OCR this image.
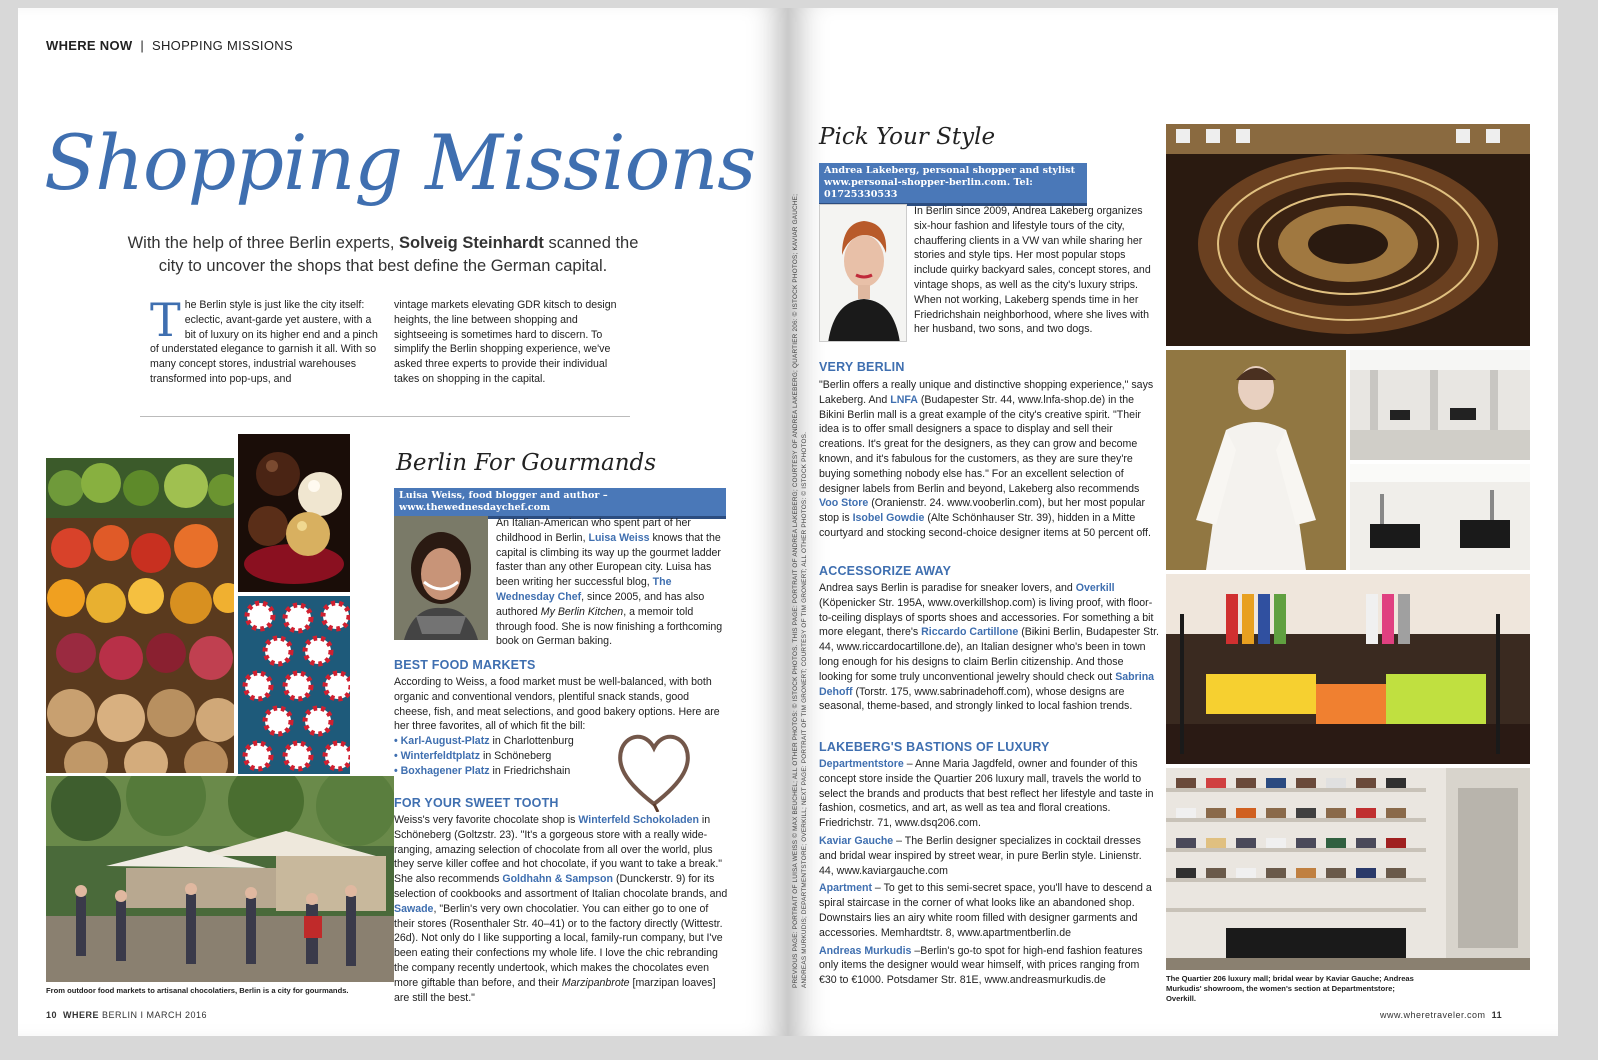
WHERE NOW | SHOPPING MISSIONS
Shopping Missions
With the help of three Berlin experts, Solveig Steinhardt scanned the city to uncover the shops that best define the German capital.
The Berlin style is just like the city itself: eclectic, avant-garde yet austere, with a bit of luxury on its higher end and a pinch of understated elegance to garnish it all. With so many concept stores, industrial warehouses transformed into pop-ups, and
vintage markets elevating GDR kitsch to design heights, the line between shopping and sightseeing is sometimes hard to discern. To simplify the Berlin shopping experience, we've asked three experts to provide their individual takes on shopping in the capital.
From outdoor food markets to artisanal chocolatiers, Berlin is a city for gourmands.
Berlin For Gourmands
Luisa Weiss, food blogger and author – www.thewednesdaychef.com
An Italian-American who spent part of her childhood in Berlin, Luisa Weiss knows that the capital is climbing its way up the gourmet ladder faster than any other European city. Luisa has been writing her successful blog, The Wednesday Chef, since 2005, and has also authored My Berlin Kitchen, a memoir told through food. She is now finishing a forthcoming book on German baking.
BEST FOOD MARKETS
According to Weiss, a food market must be well-balanced, with both organic and conventional vendors, plentiful snack stands, good cheese, fish, and meat selections, and good bakery options. Here are her three favorites, all of which fit the bill:
• Karl-August-Platz in Charlottenburg
• Winterfeldtplatz in Schöneberg
• Boxhagener Platz in Friedrichshain
FOR YOUR SWEET TOOTH
Weiss's very favorite chocolate shop is Winterfeld Schokoladen in Schöneberg (Goltzstr. 23). "It's a gorgeous store with a really wide-ranging, amazing selection of chocolate from all over the world, plus they serve killer coffee and hot chocolate, if you want to take a break." She also recommends Goldhahn & Sampson (Dunckerstr. 9) for its selection of cookbooks and assortment of Italian chocolate brands, and Sawade, "Berlin's very own chocolatier. You can either go to one of their stores (Rosenthaler Str. 40–41) or to the factory directly (Wittestr. 26d). Not only do I like supporting a local, family-run company, but I've been eating their confections my whole life. I love the chic rebranding the company recently undertook, which makes the chocolates even more giftable than before, and their Marzipanbrote [marzipan loaves] are still the best."
10 WHERE BERLIN I MARCH 2016
PREVIOUS PAGE: PORTRAIT OF LUISA WEISS © MAX BEUCHEL; ALL OTHER PHOTOS: © ISTOCK PHOTOS. THIS PAGE: PORTRAIT OF ANDREA LAKEBERG; COURTESY OF ANDREA LAKEBERG; QUARTIER 206: © ISTOCK PHOTOS; KAVIAR GAUCHE; ANDREAS MURKUDIS; DEPARTMENTSTORE; OVERKILL; NEXT PAGE: PORTRAIT OF TIM GRONERT; COURTESY OF TIM GRONERT; ALL OTHER PHOTOS: © ISTOCK PHOTOS.
Pick Your Style
Andrea Lakeberg, personal shopper and stylist
www.personal-shopper-berlin.com. Tel: 01725330533
In Berlin since 2009, Andrea Lakeberg organizes six-hour fashion and lifestyle tours of the city, chauffering clients in a VW van while sharing her stories and style tips. Her most popular stops include quirky backyard sales, concept stores, and vintage shops, as well as the city's luxury strips. When not working, Lakeberg spends time in her Friedrichshain neighborhood, where she lives with her husband, two sons, and two dogs.
VERY BERLIN
"Berlin offers a really unique and distinctive shopping experience," says Lakeberg. And LNFA (Budapester Str. 44, www.lnfa-shop.de) in the Bikini Berlin mall is a great example of the city's creative spirit. "Their idea is to offer small designers a space to display and sell their creations. It's great for the designers, as they can grow and become known, and it's fabulous for the customers, as they are sure they're buying something nobody else has." For an excellent selection of designer labels from Berlin and beyond, Lakeberg also recommends Voo Store (Oranienstr. 24. www.vooberlin.com), but her most popular stop is Isobel Gowdie (Alte Schönhauser Str. 39), hidden in a Mitte courtyard and stocking second-choice designer items at 50 percent off.
ACCESSORIZE AWAY
Andrea says Berlin is paradise for sneaker lovers, and Overkill (Köpenicker Str. 195A, www.overkillshop.com) is living proof, with floor-to-ceiling displays of sports shoes and accessories. For something a bit more elegant, there's Riccardo Cartillone (Bikini Berlin, Budapester Str. 44, www.riccardocartillone.de), an Italian designer who's been in town long enough for his designs to claim Berlin citizenship. And those looking for some truly unconventional jewelry should check out Sabrina Dehoff (Torstr. 175, www.sabrinadehoff.com), whose designs are seasonal, theme-based, and strongly linked to local fashion trends.
LAKEBERG'S BASTIONS OF LUXURY
Departmentstore – Anne Maria Jagdfeld, owner and founder of this concept store inside the Quartier 206 luxury mall, travels the world to select the brands and products that best reflect her lifestyle and taste in fashion, cosmetics, and art, as well as tea and floral creations. Friedrichstr. 71, www.dsq206.com.
Kaviar Gauche – The Berlin designer specializes in cocktail dresses and bridal wear inspired by street wear, in pure Berlin style. Linienstr. 44, www.kaviargauche.com
Apartment – To get to this semi-secret space, you'll have to descend a spiral staircase in the corner of what looks like an abandoned shop. Downstairs lies an airy white room filled with designer garments and accessories. Memhardtstr. 8, www.apartmentberlin.de
Andreas Murkudis –Berlin's go-to spot for high-end fashion features only items the designer would wear himself, with prices ranging from €30 to €1000. Potsdamer Str. 81E, www.andreasmurkudis.de	The Quartier 206 luxury mall; bridal wear by Kaviar Gauche; Andreas Murkudis' showroom, the women's section at Departmentstore; Overkill.
www.wheretraveler.com 11
